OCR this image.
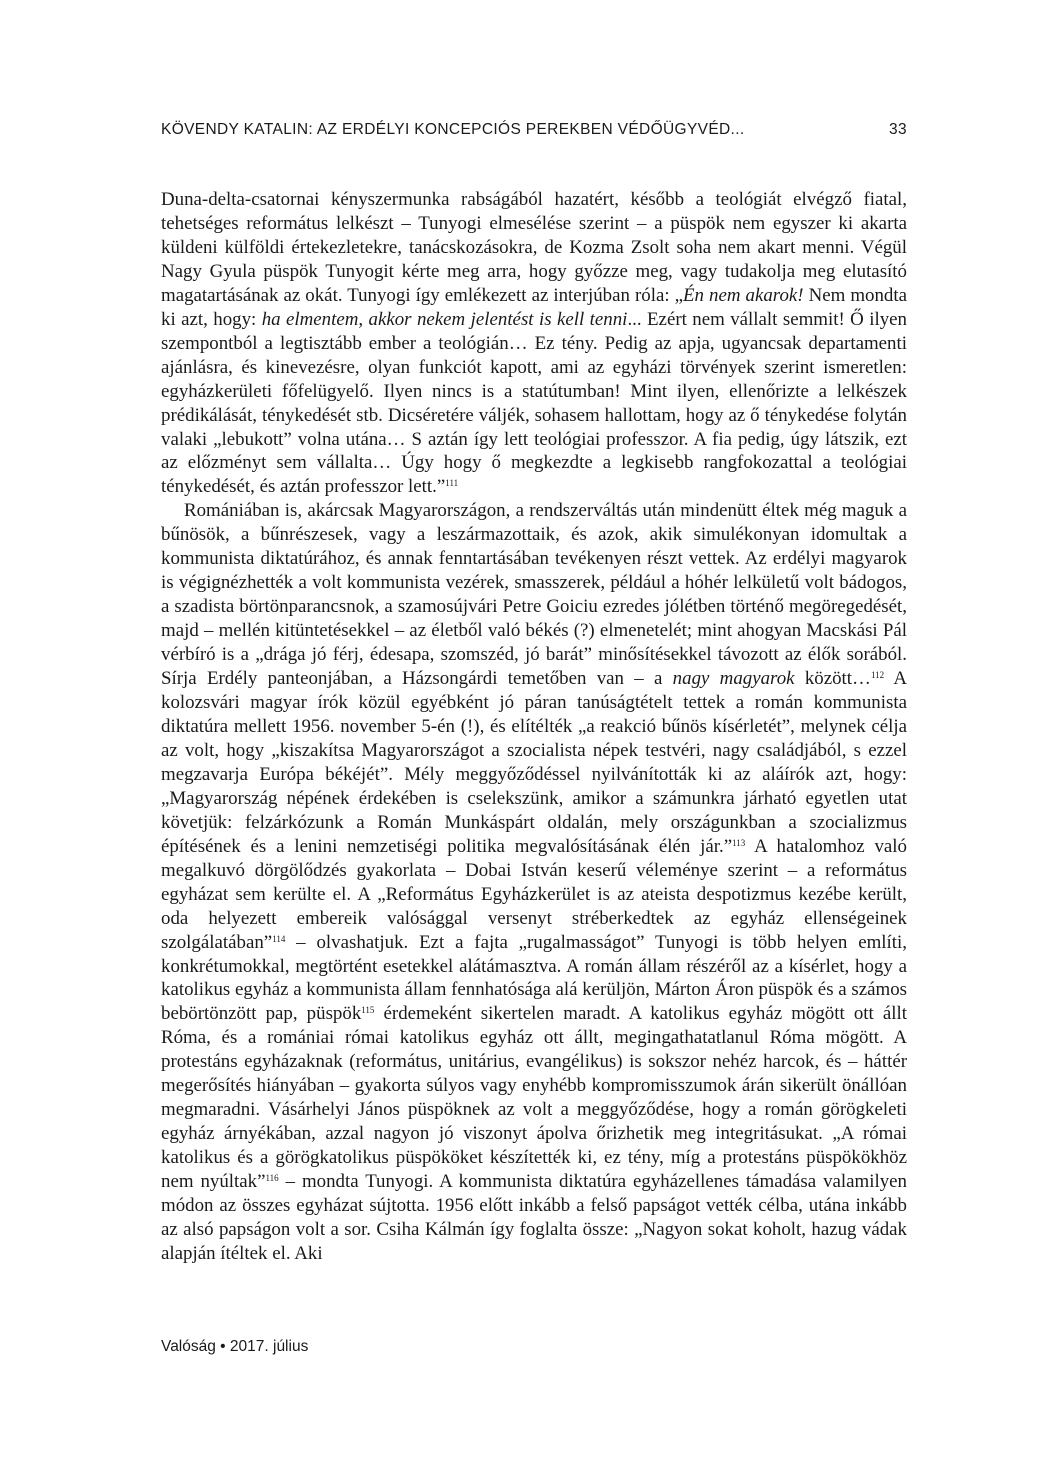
KÖVENDY KATALIN: AZ ERDÉLYI KONCEPCIÓS PEREKBEN VÉDŐÜGYVÉD...	33

Duna-delta-csatornai kényszermunka rabságából hazatért, később a teológiát elvégző fiatal, tehetséges református lelkészt – Tunyogi elmesélése szerint – a püspök nem egyszer ki akarta küldeni külföldi értekezletekre, tanácskozásokra, de Kozma Zsolt soha nem akart menni. Végül Nagy Gyula püspök Tunyogit kérte meg arra, hogy győzze meg, vagy tudakolja meg elutasító magatartásának az okát. Tunyogi így emlékezett az interjúban róla: „Én nem akarok! Nem mondta ki azt, hogy: ha elmentem, akkor nekem jelentést is kell tenni... Ezért nem vállalt semmit! Ő ilyen szempontból a legtisztább ember a teológián… Ez tény. Pedig az apja, ugyancsak departamenti ajánlásra, és kinevezésre, olyan funkciót kapott, ami az egyházi törvények szerint ismeretlen: egyházkerületi főfelügyelő. Ilyen nincs is a statútumban! Mint ilyen, ellenőrizte a lelkészek prédikálását, ténykedését stb. Dicséretére váljék, sohasem hallottam, hogy az ő ténykedése folytán valaki „lebukott” volna utána… S aztán így lett teológiai professzor. A fia pedig, úgy látszik, ezt az előzményt sem vállalta… Úgy hogy ő megkezdte a legkisebb rangfokozattal a teológiai ténykedését, és aztán professzor lett.”$^{111}$

Romániában is, akárcsak Magyarországon, a rendszerváltás után mindenütt éltek még maguk a bűnösök, a bűnrészesek, vagy a leszármazottaik, és azok, akik simulékonyan idomultak a kommunista diktatúrához, és annak fenntartásában tevékenyen részt vettek. Az erdélyi magyarok is végignézhették a volt kommunista vezérek, smasszerek, például a hóhér lelkületű volt bádogos, a szadista börtönparancsnok, a szamosújvári Petre Goiciu ezredes jólétben történő megöregedését, majd – mellén kitüntetésekkel – az életből való békés (?) elmenetelét; mint ahogyan Macskási Pál vérbíró is a „drága jó férj, édesapa, szomszéd, jó barát” minősítésekkel távozott az élők sorából. Sírja Erdély panteonjában, a Házsongárdi temetőben van – a nagy magyarok között…$^{112}$ A kolozsvári magyar írók közül egyébként jó páran tanúságtételt tettek a román kommunista diktatúra mellett 1956. november 5-én (!), és elítélték „a reakció bűnös kísérletét”, melynek célja az volt, hogy „kiszakítsa Magyarországot a szocialista népek testvéri, nagy családjából, s ezzel megzavarja Európa békéjét”. Mély meggyőződéssel nyilvánították ki az aláírók azt, hogy: „Magyarország népének érdekében is cselekszünk, amikor a számunkra járható egyetlen utat követjük: felzárkózunk a Román Munkáspárt oldalán, mely országunkban a szocializmus építésének és a lenini nemzetiségi politika megvalósításának élén jár.”$^{113}$ A hatalomhoz való megalkuvó dörgölődzés gyakorlata – Dobai István keserű véleménye szerint – a református egyházat sem kerülte el. A „Református Egyházkerület is az ateista despotizmus kezébe került, oda helyezett embereik valósággal versenyt stréberkedtek az egyház ellenségeinek szolgálatában”$^{114}$ – olvashatjuk. Ezt a fajta „rugalmasságot” Tunyogi is több helyen említi, konkrétumokkal, megtörtént esetekkel alátámasztva. A román állam részéről az a kísérlet, hogy a katolikus egyház a kommunista állam fennhatósága alá kerüljön, Márton Áron püspök és a számos bebörtönzött pap, püspök$^{115}$ érdemeként sikertelen maradt. A katolikus egyház mögött ott állt Róma, és a romániai római katolikus egyház ott állt, megingathatatlanul Róma mögött. A protestáns egyházaknak (református, unitárius, evangélikus) is sokszor nehéz harcok, és – háttér megerősítés hiányában – gyakorta súlyos vagy enyhébb kompromisszumok árán sikerült önállóan megmaradni. Vásárhelyi János püspöknek az volt a meggyőződése, hogy a román görögkeleti egyház árnyékában, azzal nagyon jó viszonyt ápolva őrizhetik meg integritásukat. „A római katolikus és a görögkatolikus püspököket készítették ki, ez tény, míg a protestáns püspökökhöz nem nyúltak”$^{116}$ – mondta Tunyogi. A kommunista diktatúra egyházellenes támadása valamilyen módon az összes egyházat sújtotta. 1956 előtt inkább a felső papságot vették célba, utána inkább az alsó papságon volt a sor. Csiha Kálmán így foglalta össze: „Nagyon sokat koholt, hazug vádak alapján ítéltek el. Aki

Valóság • 2017. július
